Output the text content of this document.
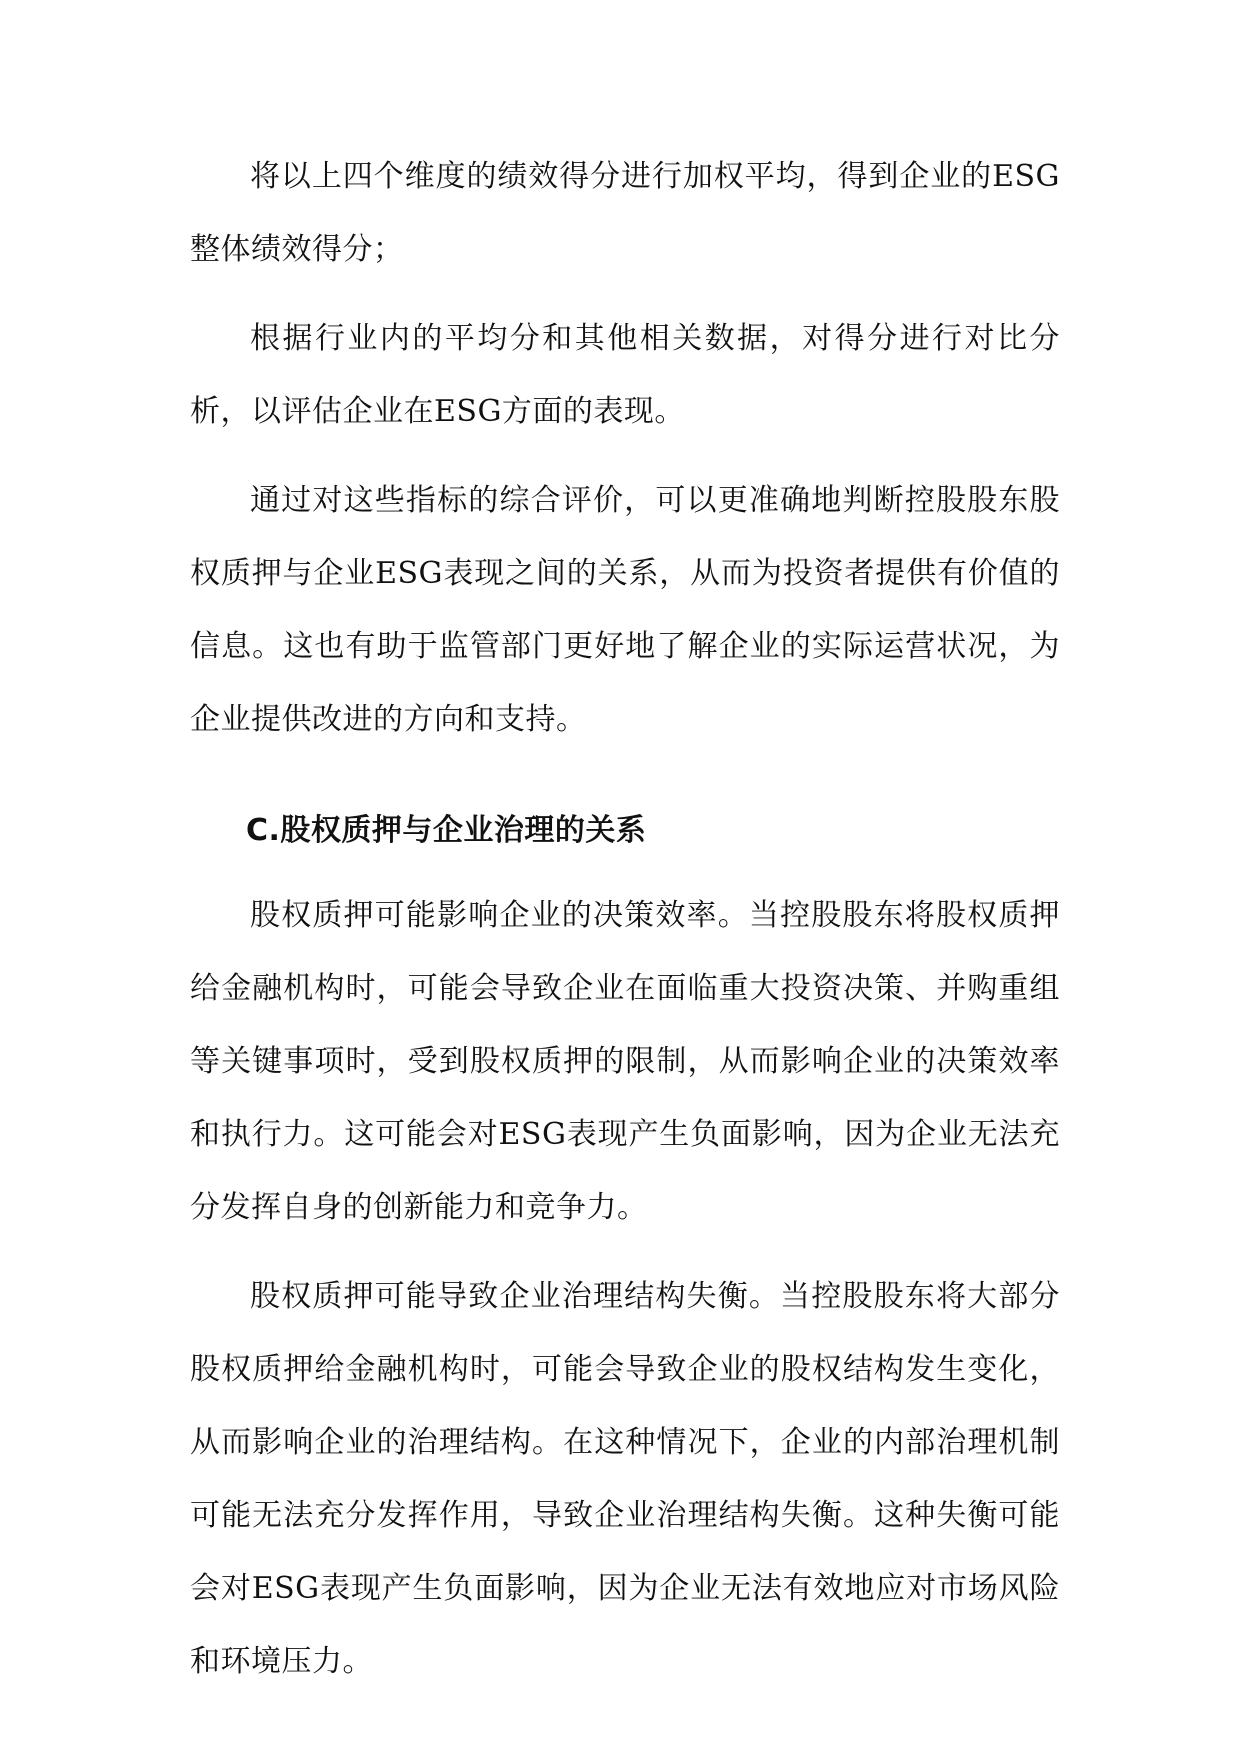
将以上四个维度的绩效得分进行加权平均，得到企业的ESG整体绩效得分；

根据行业内的平均分和其他相关数据，对得分进行对比分析，以评估企业在ESG方面的表现。

通过对这些指标的综合评价，可以更准确地判断控股股东股权质押与企业ESG表现之间的关系，从而为投资者提供有价值的信息。这也有助于监管部门更好地了解企业的实际运营状况，为企业提供改进的方向和支持。

C.股权质押与企业治理的关系

股权质押可能影响企业的决策效率。当控股股东将股权质押给金融机构时，可能会导致企业在面临重大投资决策、并购重组等关键事项时，受到股权质押的限制，从而影响企业的决策效率和执行力。这可能会对ESG表现产生负面影响，因为企业无法充分发挥自身的创新能力和竞争力。

股权质押可能导致企业治理结构失衡。当控股股东将大部分股权质押给金融机构时，可能会导致企业的股权结构发生变化，从而影响企业的治理结构。在这种情况下，企业的内部治理机制可能无法充分发挥作用，导致企业治理结构失衡。这种失衡可能会对ESG表现产生负面影响，因为企业无法有效地应对市场风险和环境压力。
